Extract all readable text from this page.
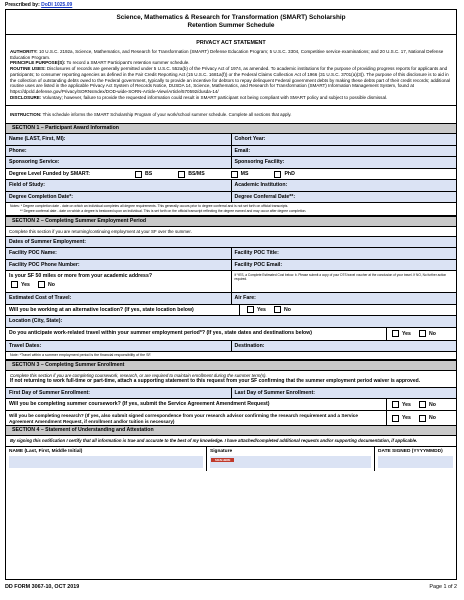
Prescribed by: DoDI 1025.09
Science, Mathematics & Research for Transformation (SMART) Scholarship
Retention Summer Schedule
PRIVACY ACT STATEMENT
AUTHORITY: 10 U.S.C. 2192a, Science, Mathematics, and Research for Transformation (SMART) Defense Education Program; 5 U.S.C. 3304, Competitive service examinations; and 20 U.S.C. 17, National Defense Education Program.
PRINCIPLE PURPOSE(S): To record a SMART Participant's retention summer schedule.
ROUTINE USES: Disclosures of records are generally permitted under 5 U.S.C. 552a(b) of the Privacy Act of 1974, as amended. To academic institutions for the purpose of providing progress reports for applicants and participants; to consumer reporting agencies as defined in the Fair Credit Reporting Act (15 U.S.C. 1681a(f)) or the Federal Claims Collection Act of 1966 (31 U.S.C. 3701(a)(3)). The purpose of this disclosure is to aid in the collection of outstanding debts owed to the Federal government, typically to provide an incentive for debtors to repay delinquent Federal government debts by making these debts part of their credit records; additional routine uses are listed in the applicable Privacy Act System of Records Notice, DUSDA 14, Science, Mathematics, and Research for Transformation (SMART) Information Management System, found at https://dpcld.defense.gov/Privacy/SORNsIndex/DOD-wide-SORN-Article-View/Article/570592/dusda-14/
DISCLOSURE: Voluntary; however, failure to provide the requested information could result in SMART participant not being compliant with SMART policy and subject to possible dismissal.
INSTRUCTION: This schedule informs the SMART Scholarship Program of your work/school summer schedule. Complete all sections that apply.
SECTION 1 – Participant Award Information
Name (LAST, First, MI):	Cohort Year:
Phone:	Email:
Sponsoring Service:	Sponsoring Facility:
Degree Level Funded by SMART:	BS	BS/MS	MS	PhD
Field of Study:	Academic Institution:
Degree Completion Date*:	Degree Conferral Date**:
Notes: * Degree completion date - date on which an individual completes all degree requirements. This generally occurs prior to degree conferral and is not set forth on official transcripts.
** Degree conferral date - date on which a degree is bestowed upon an individual. This is set forth on the official transcript reflecting the degree earned and may occur after degree completion.
SECTION 2 – Completing Summer Employment Period
Complete this section if you are returning/continuing employment at your SF over the summer.
Dates of Summer Employment:
Facility POC Name:	Facility POC Title:
Facility POC Phone Number:	Facility POC Email:
Is your SF 50 miles or more from your academic address?
Yes	No
If YES, a Complete Estimated Cost below. b. Please submit a copy of your DTS travel voucher at the conclusion of your travel. If NO, No further action required.
Estimated Cost of Travel:	Air Fare:
Will you be working at an alternative location? (If yes, state location below)	Yes	No
Location (City, State):
Do you anticipate work-related travel within your summer employment period*? (If yes, state dates and destinations below)	Yes	No
Travel Dates:	Destination:
Note: *Travel within a summer employment period is the financial responsibility of the SF.
SECTION 3 – Completing Summer Enrollment
Complete this section if you are completing coursework, research, or are required to maintain enrollment during the summer term(s).
If not returning to work full-time or part-time, attach a supporting statement to this request from your SF confirming that the summer employment period waiver is approved.
First Day of Summer Enrollment:	Last Day of Summer Enrollment:
Will you be completing summer coursework? (If yes, submit the Service Agreement Amendment Request)	Yes	No
Will you be completing research? (If yes, also submit signed correspondence from your research advisor confirming the research requirement and a Service Agreement Amendment Request, if enrollment and/or tuition is necessary)	Yes	No
SECTION 4 – Statement of Understanding and Attestation
By signing this notification I certify that all information is true and accurate to the best of my knowledge. I have attached/completed additional requests and/or supporting documentation, if applicable.
NAME (Last, First, Middle Initial)	Signature
SIGN HERE
DATE SIGNED (YYYYMMDD)
DD FORM 3067-10, OCT 2019	Page 1 of 2
